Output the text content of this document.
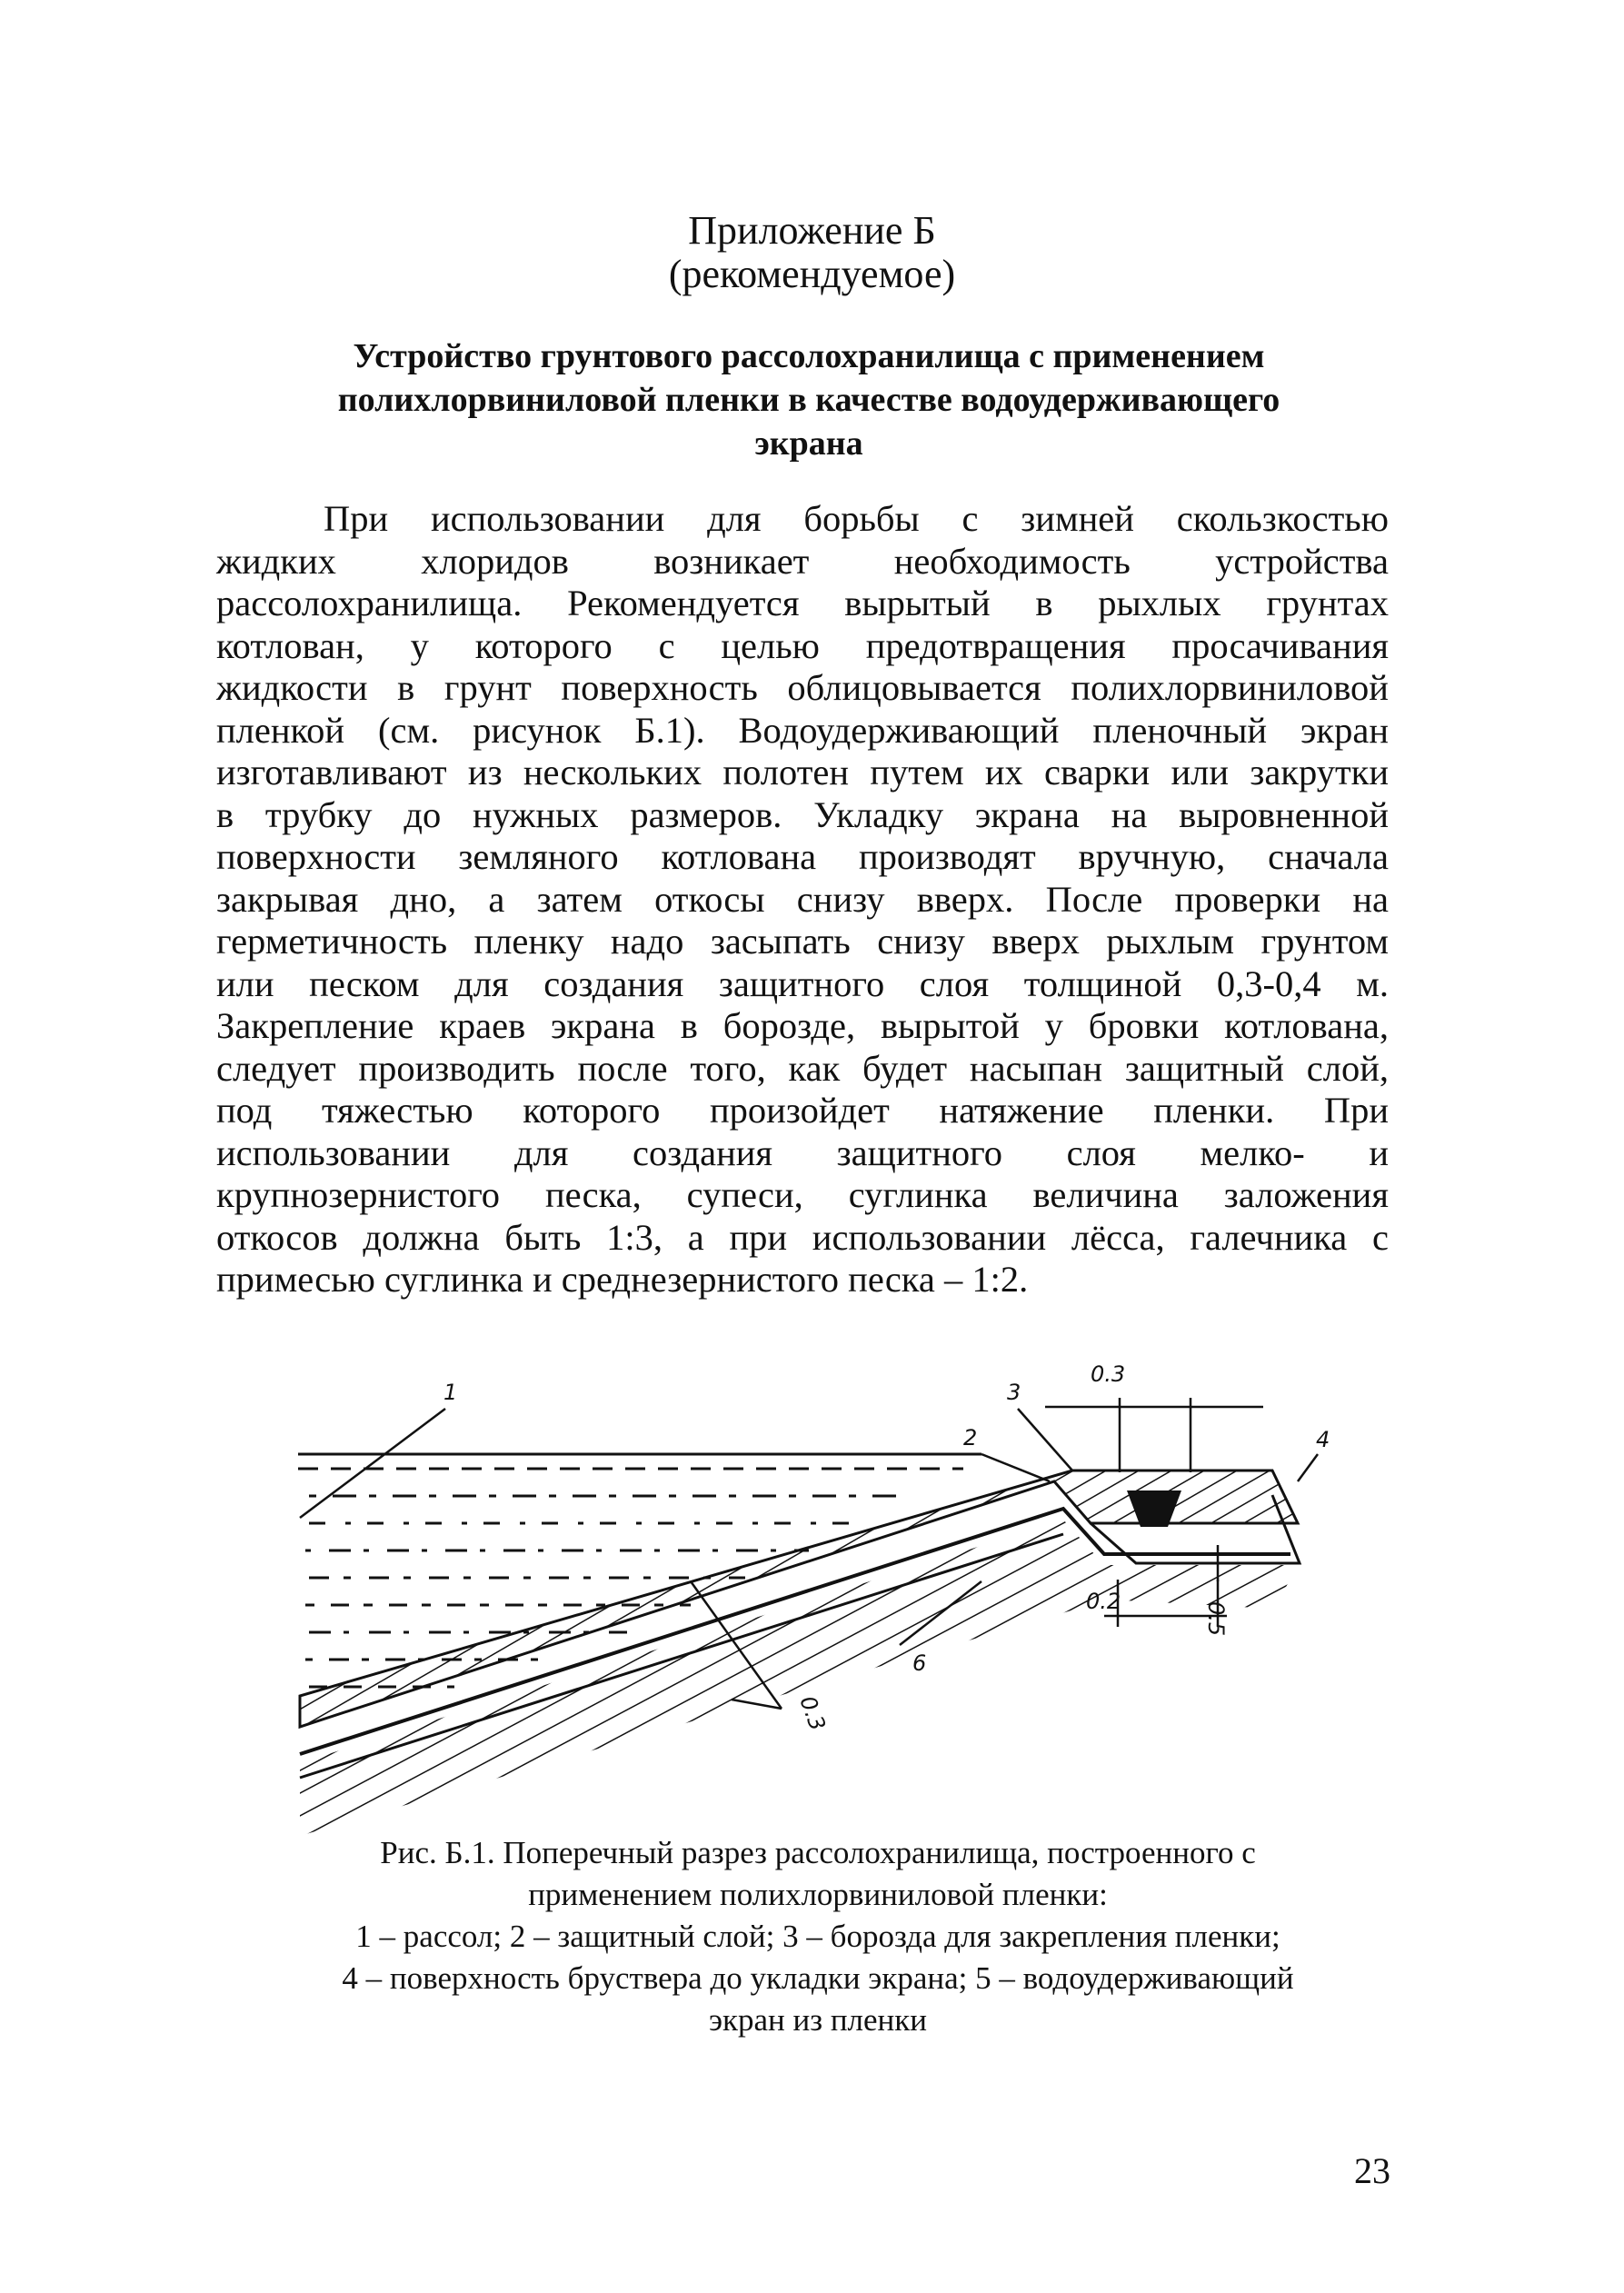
Приложение Б
(рекомендуемое)
Устройство грунтового рассолохранилища с применением
полихлорвиниловой пленки в качестве водоудерживающего
экрана

При использовании для борьбы с зимней скользкостью
жидких хлоридов возникает необходимость устройства
рассолохранилища. Рекомендуется вырытый в рыхлых грунтах
котлован, у которого с целью предотвращения просачивания
жидкости в грунт поверхность облицовывается полихлорвиниловой
пленкой (см. рисунок Б.1). Водоудерживающий пленочный экран
изготавливают из нескольких полотен путем их сварки или закрутки
в трубку до нужных размеров. Укладку экрана на выровненной
поверхности земляного котлована производят вручную, сначала
закрывая дно, а затем откосы снизу вверх. После проверки на
герметичность пленку надо засыпать снизу вверх рыхлым грунтом
или песком для создания защитного слоя толщиной 0,3-0,4 м.
Закрепление краев экрана в борозде, вырытой у бровки котлована,
следует производить после того, как будет насыпан защитный слой,
под тяжестью которого произойдет натяжение пленки. При
использовании для создания защитного слоя мелко- и
крупнозернистого песка, супеси, суглинка величина заложения
откосов должна быть 1:3, а при использовании лёсса, галечника с
примесью суглинка и среднезернистого песка – 1:2.

0.3
3
1
2	4
0.2	0.5
6
0.3
Рис. Б.1. Поперечный разрез рассолохранилища, построенного с
применением полихлорвиниловой пленки:
1 – рассол; 2 – защитный слой; 3 – борозда для закрепления пленки;
4 – поверхность бруствера до укладки экрана; 5 – водоудерживающий
экран из пленки
23
